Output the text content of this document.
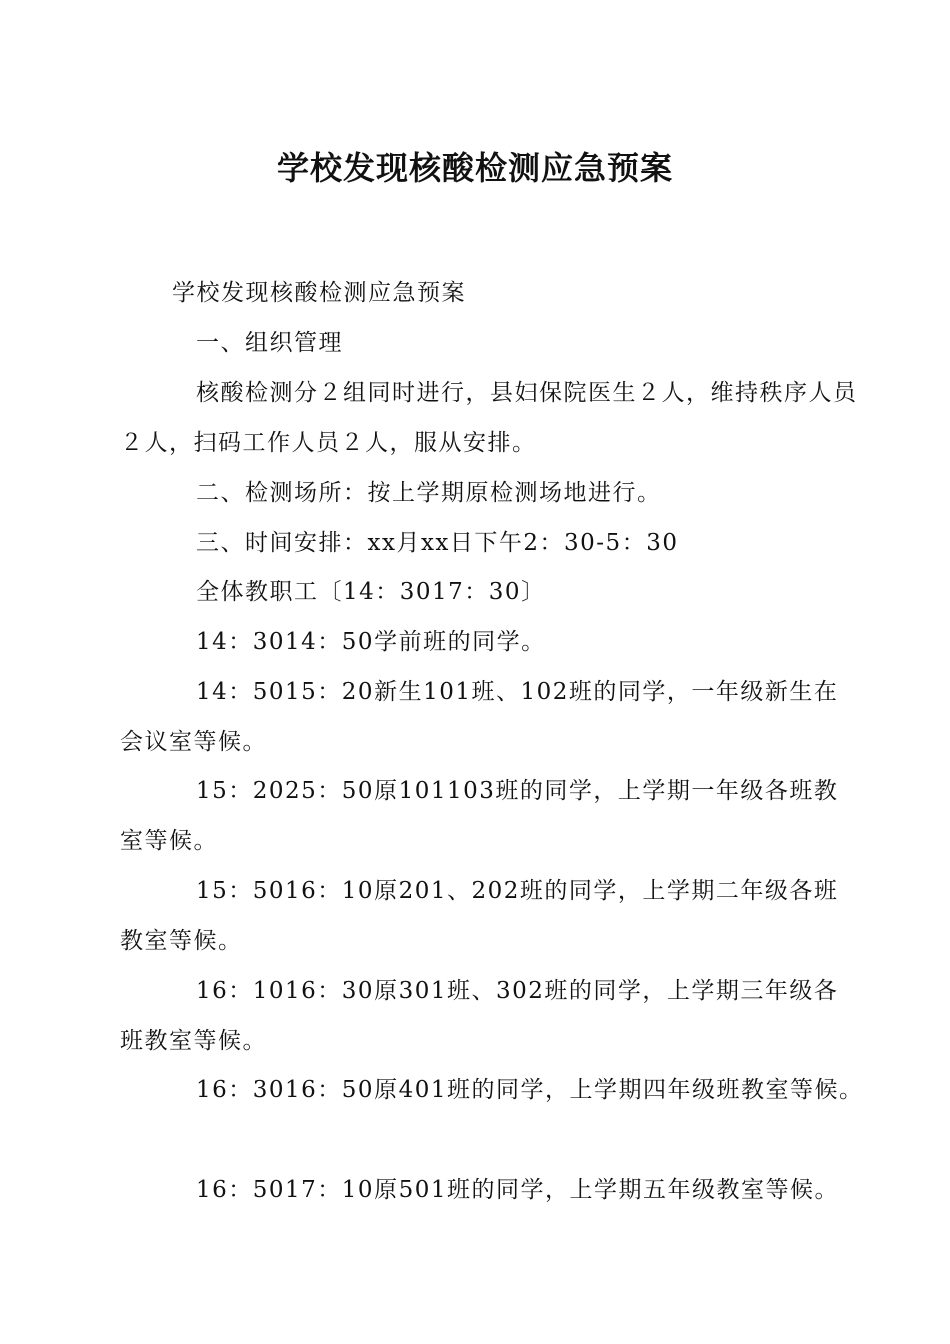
学校发现核酸检测应急预案

学校发现核酸检测应急预案

一、组织管理

核酸检测分２组同时进行，县妇保院医生２人，维持秩序人员２人，扫码工作人员２人，服从安排。

二、检测场所：按上学期原检测场地进行。

三、时间安排：xx月xx日下午2：30-5：30

全体教职工〔14：3017：30〕

14：3014：50学前班的同学。

14：5015：20新生101班、102班的同学，一年级新生在会议室等候。

15：2025：50原101103班的同学，上学期一年级各班教室等候。

15：5016：10原201、202班的同学，上学期二年级各班教室等候。

16：1016：30原301班、302班的同学，上学期三年级各班教室等候。

16：3016：50原401班的同学，上学期四年级班教室等候。

16：5017：10原501班的同学，上学期五年级教室等候。
